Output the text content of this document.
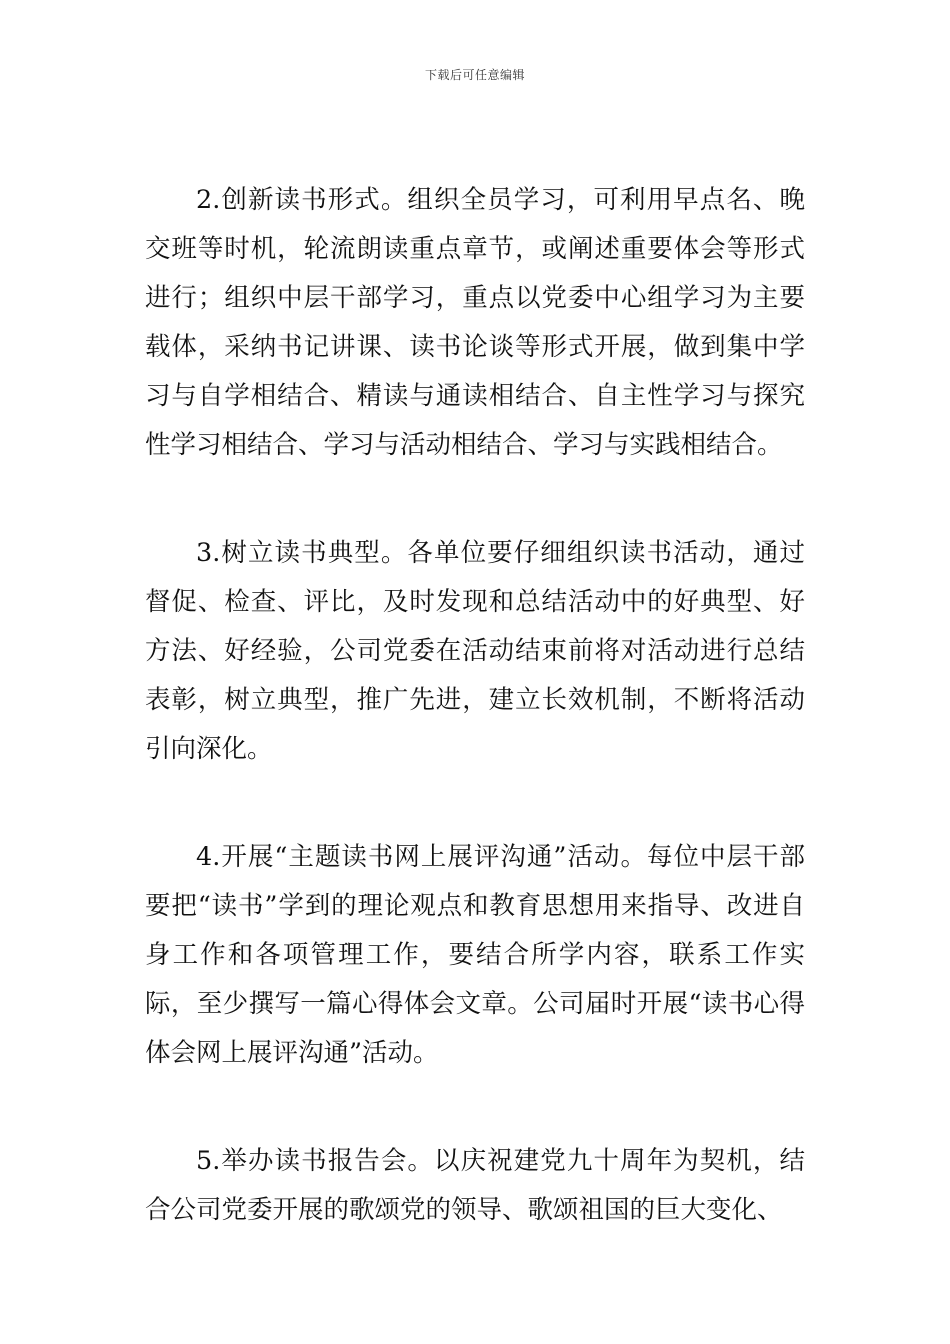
下载后可任意编辑

2.创新读书形式。组织全员学习，可利用早点名、晚交班等时机，轮流朗读重点章节，或阐述重要体会等形式进行；组织中层干部学习，重点以党委中心组学习为主要载体，采纳书记讲课、读书论谈等形式开展，做到集中学习与自学相结合、精读与通读相结合、自主性学习与探究性学习相结合、学习与活动相结合、学习与实践相结合。

3.树立读书典型。各单位要仔细组织读书活动，通过督促、检查、评比，及时发现和总结活动中的好典型、好方法、好经验，公司党委在活动结束前将对活动进行总结表彰，树立典型，推广先进，建立长效机制，不断将活动引向深化。

4.开展“主题读书网上展评沟通”活动。每位中层干部要把“读书”学到的理论观点和教育思想用来指导、改进自身工作和各项管理工作，要结合所学内容，联系工作实际，至少撰写一篇心得体会文章。公司届时开展“读书心得体会网上展评沟通”活动。

5.举办读书报告会。以庆祝建党九十周年为契机，结合公司党委开展的歌颂党的领导、歌颂祖国的巨大变化、
